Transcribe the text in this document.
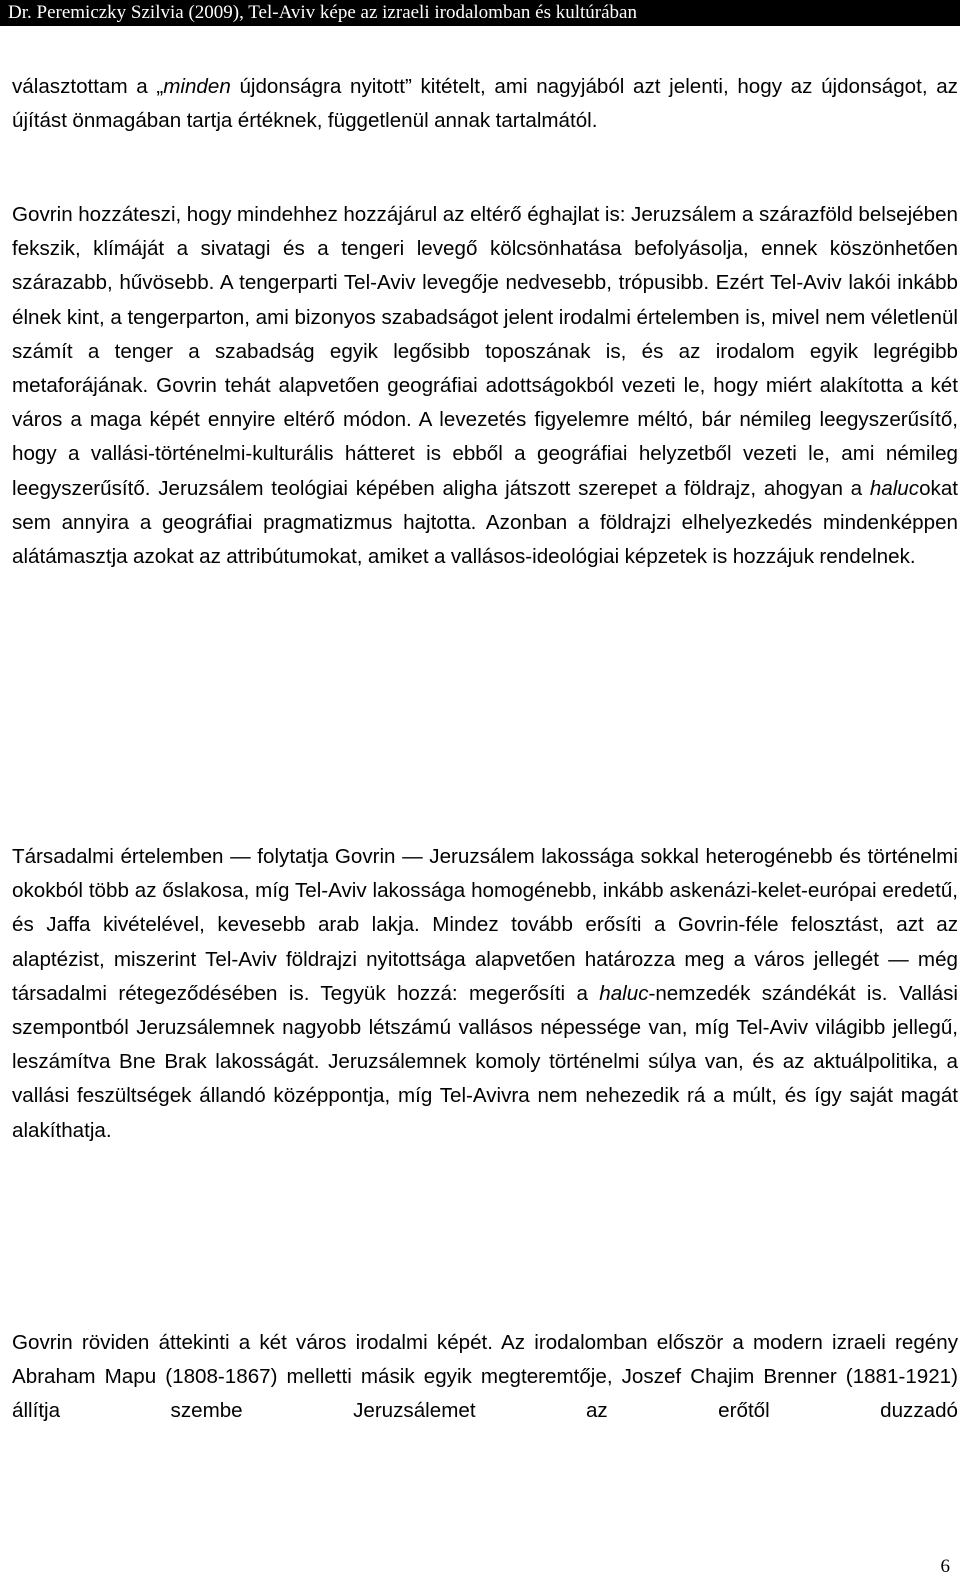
Dr. Peremiczky Szilvia (2009), Tel-Aviv képe az izraeli irodalomban és kultúrában

választottam a „minden újdonságra nyitott” kitételt, ami nagyjából azt jelenti, hogy az újdonságot, az újítást önmagában tartja értéknek, függetlenül annak tartalmától.

Govrin hozzáteszi, hogy mindehhez hozzájárul az eltérő éghajlat is: Jeruzsálem a szárazföld belsejében fekszik, klímáját a sivatagi és a tengeri levegő kölcsönhatása befolyásolja, ennek köszönhetően szárazabb, hűvösebb. A tengerparti Tel-Aviv levegője nedvesebb, trópusibb. Ezért Tel-Aviv lakói inkább élnek kint, a tengerparton, ami bizonyos szabadságot jelent irodalmi értelemben is, mivel nem véletlenül számít a tenger a szabadság egyik legősibb toposzának is, és az irodalom egyik legrégibb metaforájának. Govrin tehát alapvetően geográfiai adottságokból vezeti le, hogy miért alakította a két város a maga képét ennyire eltérő módon. A levezetés figyelemre méltó, bár némileg leegyszerűsítő, hogy a vallási-történelmi-kulturális hátteret is ebből a geográfiai helyzetből vezeti le, ami némileg leegyszerűsítő. Jeruzsálem teológiai képében aligha játszott szerepet a földrajz, ahogyan a halucokat sem annyira a geográfiai pragmatizmus hajtotta. Azonban a földrajzi elhelyezkedés mindenképpen alátámasztja azokat az attribútumokat, amiket a vallásos-ideológiai képzetek is hozzájuk rendelnek.

Társadalmi értelemben — folytatja Govrin — Jeruzsálem lakossága sokkal heterogénebb és történelmi okokból több az őslakosa, míg Tel-Aviv lakossága homogénebb, inkább askenázi-kelet-európai eredetű, és Jaffa kivételével, kevesebb arab lakja. Mindez tovább erősíti a Govrin-féle felosztást, azt az alaptézist, miszerint Tel-Aviv földrajzi nyitottsága alapvetően határozza meg a város jellegét — még társadalmi rétegeződésében is. Tegyük hozzá: megerősíti a haluc-nemzedék szándékát is. Vallási szempontból Jeruzsálemnek nagyobb létszámú vallásos népessége van, míg Tel-Aviv világibb jellegű, leszámítva Bne Brak lakosságát. Jeruzsálemnek komoly történelmi súlya van, és az aktuálpolitika, a vallási feszültségek állandó középpontja, míg Tel-Avivra nem nehezedik rá a múlt, és így saját magát alakíthatja.

Govrin röviden áttekinti a két város irodalmi képét. Az irodalomban először a modern izraeli regény Abraham Mapu (1808-1867) melletti másik egyik megteremtője, Joszef Chajim Brenner (1881-1921) állítja szembe Jeruzsálemet az erőtől duzzadó

6
